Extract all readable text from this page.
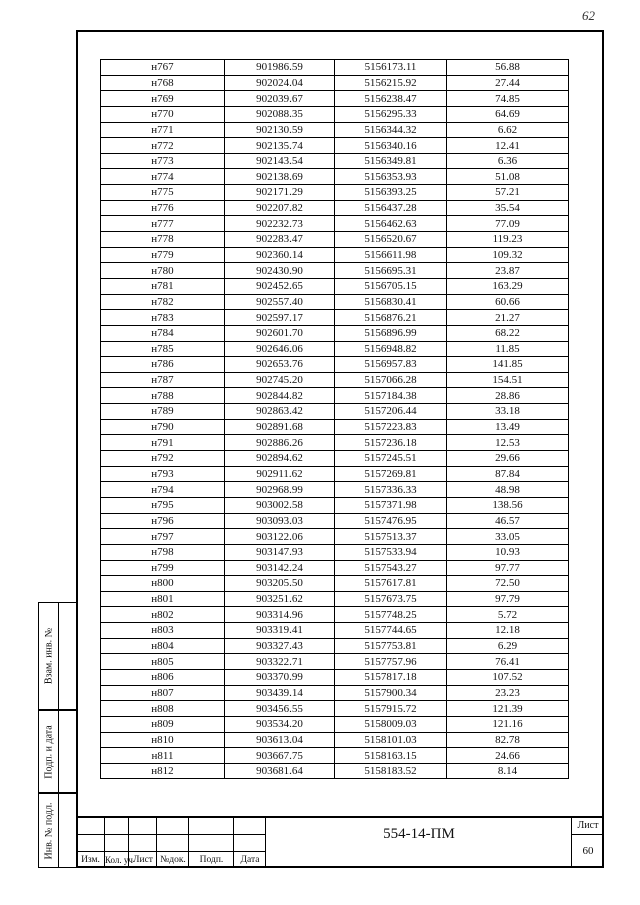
62
н767	901986.59	5156173.11	56.88
н768	902024.04	5156215.92	27.44
н769	902039.67	5156238.47	74.85
н770	902088.35	5156295.33	64.69
н771	902130.59	5156344.32	6.62
н772	902135.74	5156340.16	12.41
н773	902143.54	5156349.81	6.36
н774	902138.69	5156353.93	51.08
н775	902171.29	5156393.25	57.21
н776	902207.82	5156437.28	35.54
н777	902232.73	5156462.63	77.09
н778	902283.47	5156520.67	119.23
н779	902360.14	5156611.98	109.32
н780	902430.90	5156695.31	23.87
н781	902452.65	5156705.15	163.29
н782	902557.40	5156830.41	60.66
н783	902597.17	5156876.21	21.27
н784	902601.70	5156896.99	68.22
н785	902646.06	5156948.82	11.85
н786	902653.76	5156957.83	141.85
н787	902745.20	5157066.28	154.51
н788	902844.82	5157184.38	28.86
н789	902863.42	5157206.44	33.18
н790	902891.68	5157223.83	13.49
н791	902886.26	5157236.18	12.53
н792	902894.62	5157245.51	29.66
н793	902911.62	5157269.81	87.84
н794	902968.99	5157336.33	48.98
н795	903002.58	5157371.98	138.56
н796	903093.03	5157476.95	46.57
н797	903122.06	5157513.37	33.05
н798	903147.93	5157533.94	10.93
н799	903142.24	5157543.27	97.77
н800	903205.50	5157617.81	72.50
н801	903251.62	5157673.75	97.79
н802	903314.96	5157748.25	5.72
н803	903319.41	5157744.65	12.18
н804	903327.43	5157753.81	6.29
н805	903322.71	5157757.96	76.41
н806	903370.99	5157817.18	107.52
н807	903439.14	5157900.34	23.23
н808	903456.55	5157915.72	121.39
н809	903534.20	5158009.03	121.16
н810	903613.04	5158101.03	82.78
н811	903667.75	5158163.15	24.66
н812	903681.64	5158183.52	8.14
Взам. инв. №
Подп. и дата
Инв. № подл.
Изм. Кол. уч Лист №док.	Подп.	Дата
554-14-ПМ
Лист
60
